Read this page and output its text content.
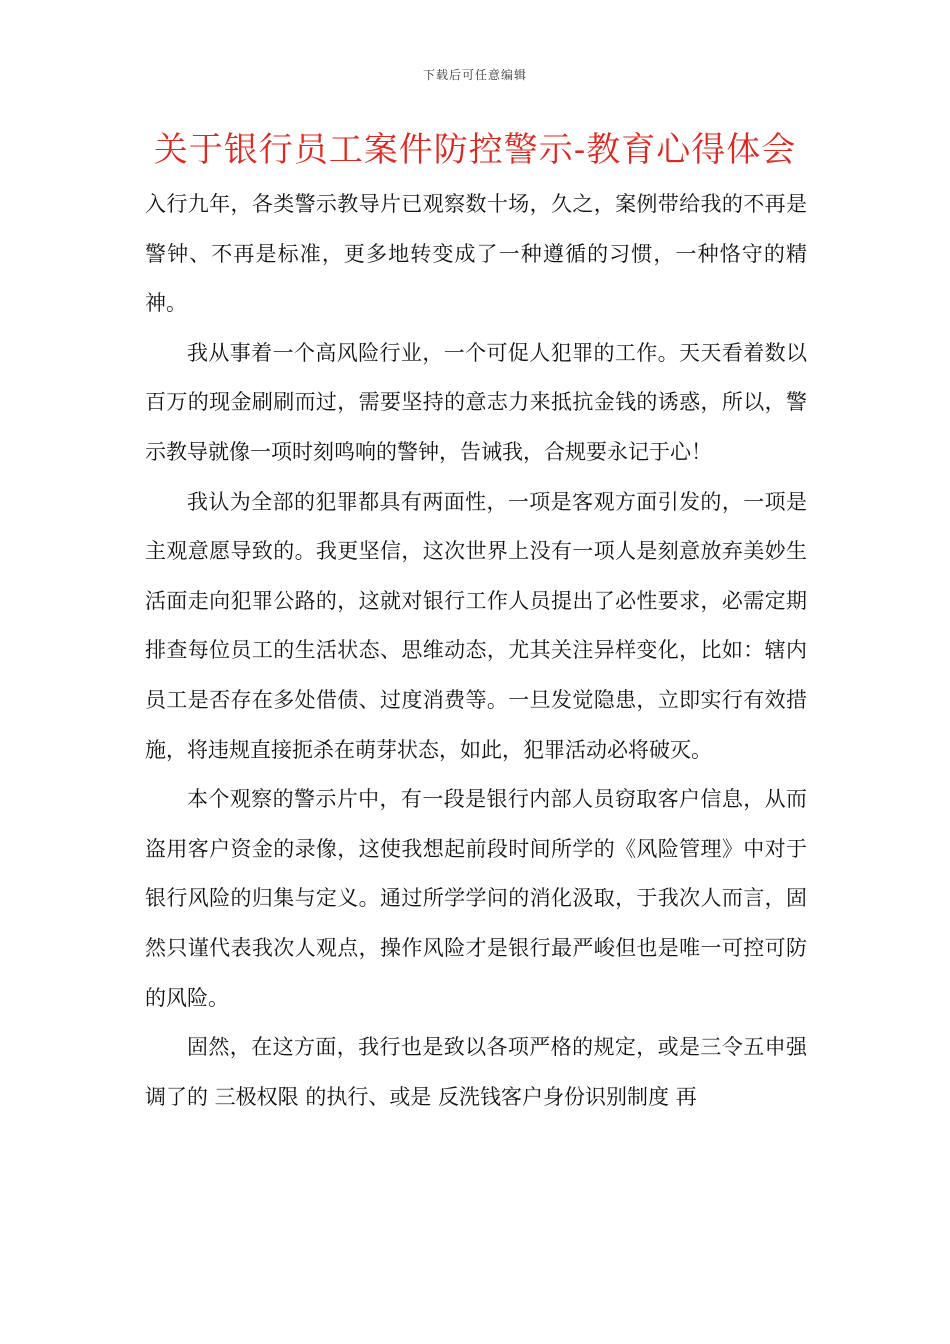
下载后可任意编辑
关于银行员工案件防控警示-教育心得体会

入行九年，各类警示教导片已观察数十场，久之，案例带给我的不再是警钟、不再是标准，更多地转变成了一种遵循的习惯，一种恪守的精神。

我从事着一个高风险行业，一个可促人犯罪的工作。天天看着数以百万的现金刷刷而过，需要坚持的意志力来抵抗金钱的诱惑，所以，警示教导就像一项时刻鸣响的警钟，告诫我，合规要永记于心！

我认为全部的犯罪都具有两面性，一项是客观方面引发的，一项是主观意愿导致的。我更坚信，这次世界上没有一项人是刻意放弃美妙生活面走向犯罪公路的，这就对银行工作人员提出了必性要求，必需定期排查每位员工的生活状态、思维动态，尤其关注异样变化，比如：辖内员工是否存在多处借债、过度消费等。一旦发觉隐患，立即实行有效措施，将违规直接扼杀在萌芽状态，如此，犯罪活动必将破灭。

本个观察的警示片中，有一段是银行内部人员窃取客户信息，从而盗用客户资金的录像，这使我想起前段时间所学的《风险管理》中对于银行风险的归集与定义。通过所学学问的消化汲取，于我次人而言，固然只谨代表我次人观点，操作风险才是银行最严峻但也是唯一可控可防的风险。

固然，在这方面，我行也是致以各项严格的规定，或是三令五申强调了的 三极权限 的执行、或是 反洗钱客户身份识别制度 再
